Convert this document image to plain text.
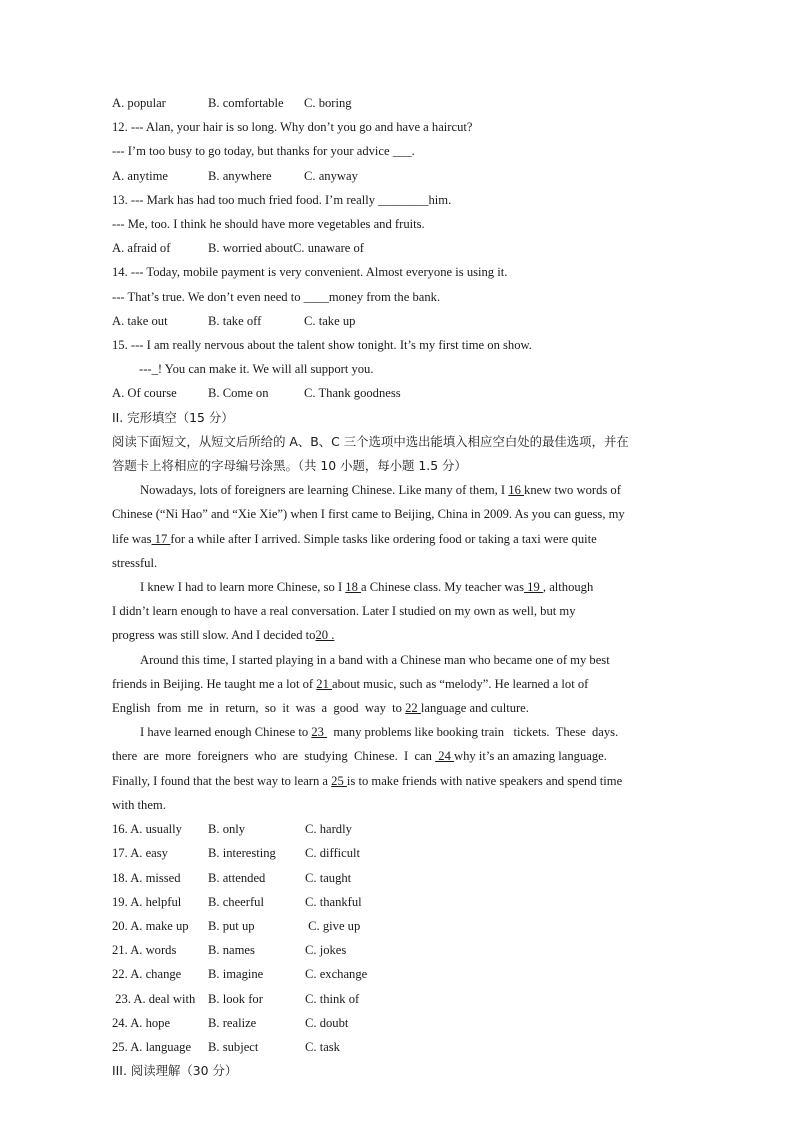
A. popular	B. comfortable	C. boring
12. --- Alan, your hair is so long. Why don’t you go and have a haircut?
--- I’m too busy to go today, but thanks for your advice ___.
A. anytime	B. anywhere	C. anyway
13. --- Mark has had too much fried food. I’m really ________him.
--- Me, too. I think he should have more vegetables and fruits.
A. afraid of	B. worried about C. unaware of
14. --- Today, mobile payment is very convenient. Almost everyone is using it.
--- That’s true. We don’t even need to ____money from the bank.
A. take out	B. take off	C. take up
15. --- I am really nervous about the talent show tonight. It’s my first time on show.
---_! You can make it. We will all support you.
A. Of course	B. Come on	C. Thank goodness
II. 完形填空（15 分）
阅读下面短文，从短文后所给的 A、B、C 三个选项中选出能填入相应空白处的最佳选项，并在
答题卡上将相应的字母编号涂黑。（共 10 小题，每小题 1.5 分）
Nowadays, lots of foreigners are learning Chinese. Like many of them, I 16 knew two words of
Chinese (“Ni Hao” and “Xie Xie”) when I first came to Beijing, China in 2009. As you can guess, my
life was 17 for a while after I arrived. Simple tasks like ordering food or taking a taxi were quite
stressful.
I knew I had to learn more Chinese, so I 18 a Chinese class. My teacher was 19 , although
I didn’t learn enough to have a real conversation. Later I studied on my own as well, but my
progress was still slow. And I decided to20 .
Around this time, I started playing in a band with a Chinese man who became one of my best
friends in Beijing. He taught me a lot of 21 about music, such as “melody”. He learned a lot of
English  from  me  in  return,  so  it  was  a  good  way  to 22 language and culture.
I have learned enough Chinese to 23   many problems like booking train   tickets.  These  days.
there  are  more  foreigners  who  are  studying  Chinese.  I  can  24 why it’s an amazing language.
Finally, I found that the best way to learn a 25 is to make friends with native speakers and spend time
with them.
16. A. usually	B. only	C. hardly
17. A. easy	B. interesting	C. difficult
18. A. missed	B. attended	C. taught
19. A. helpful	B. cheerful	C. thankful
20. A. make up	B. put up	C. give up
21. A. words	B. names	C. jokes
22. A. change	B. imagine	C. exchange
23. A. deal with	B. look for	C. think of
24. A. hope	B. realize	C. doubt
25. A. language	B. subject	C. task
III. 阅读理解（30 分）
